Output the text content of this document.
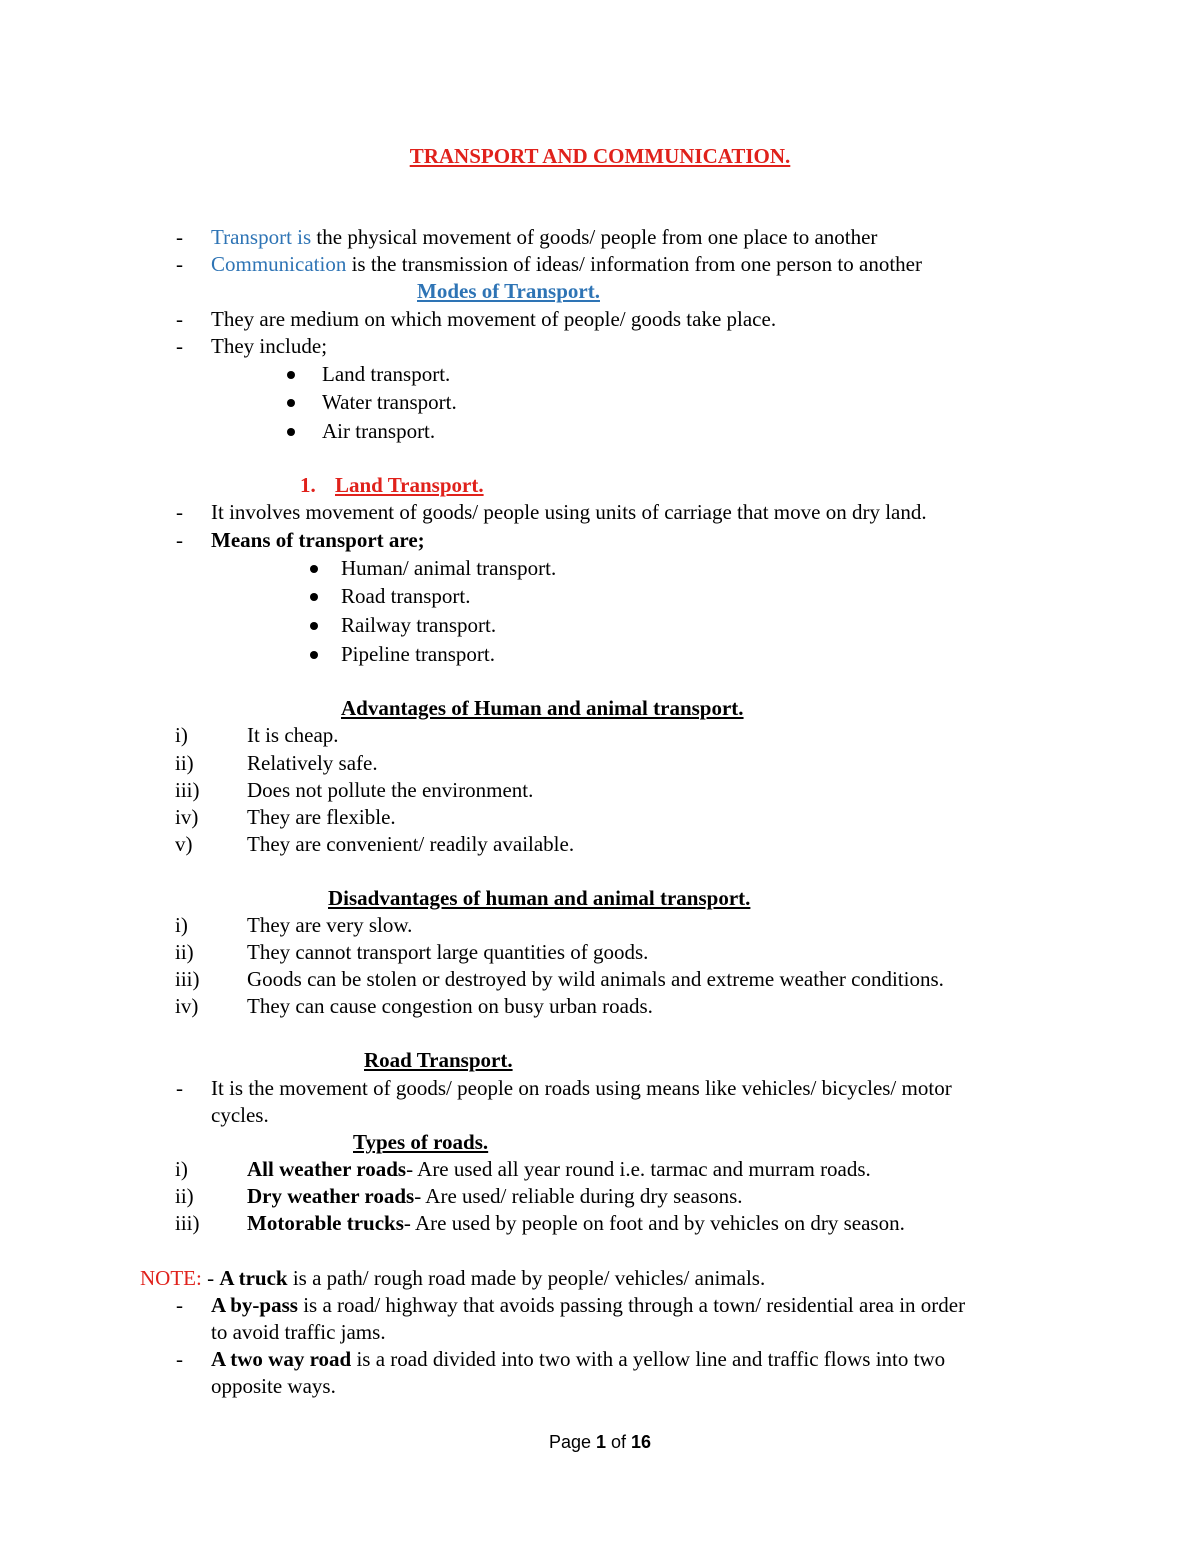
TRANSPORT AND COMMUNICATION.
- Transport is the physical movement of goods/ people from one place to another
- Communication is the transmission of ideas/ information from one person to another
Modes of Transport.
- They are medium on which movement of people/ goods take place.
- They include;
Land transport.
Water transport.
Air transport.
1. Land Transport.
- It involves movement of goods/ people using units of carriage that move on dry land.
- Means of transport are;
Human/ animal transport.
Road transport.
Railway transport.
Pipeline transport.
Advantages of Human and animal transport.
i)	It is cheap.
ii)	Relatively safe.
iii) Does not pollute the environment.
iv) They are flexible.
v)	They are convenient/ readily available.
Disadvantages of human and animal transport.
i)	They are very slow.
ii)	They cannot transport large quantities of goods.
iii) Goods can be stolen or destroyed by wild animals and extreme weather conditions.
iv) They can cause congestion on busy urban roads.
Road Transport.
- It is the movement of goods/ people on roads using means like vehicles/ bicycles/ motor
cycles.
Types of roads.
i)	All weather roads- Are used all year round i.e. tarmac and murram roads.
ii)	Dry weather roads- Are used/ reliable during dry seasons.
iii) Motorable trucks- Are used by people on foot and by vehicles on dry season.
NOTE: - A truck is a path/ rough road made by people/ vehicles/ animals.
- A by-pass is a road/ highway that avoids passing through a town/ residential area in order
to avoid traffic jams.
- A two way road is a road divided into two with a yellow line and traffic flows into two
opposite ways.
Page 1 of 16
